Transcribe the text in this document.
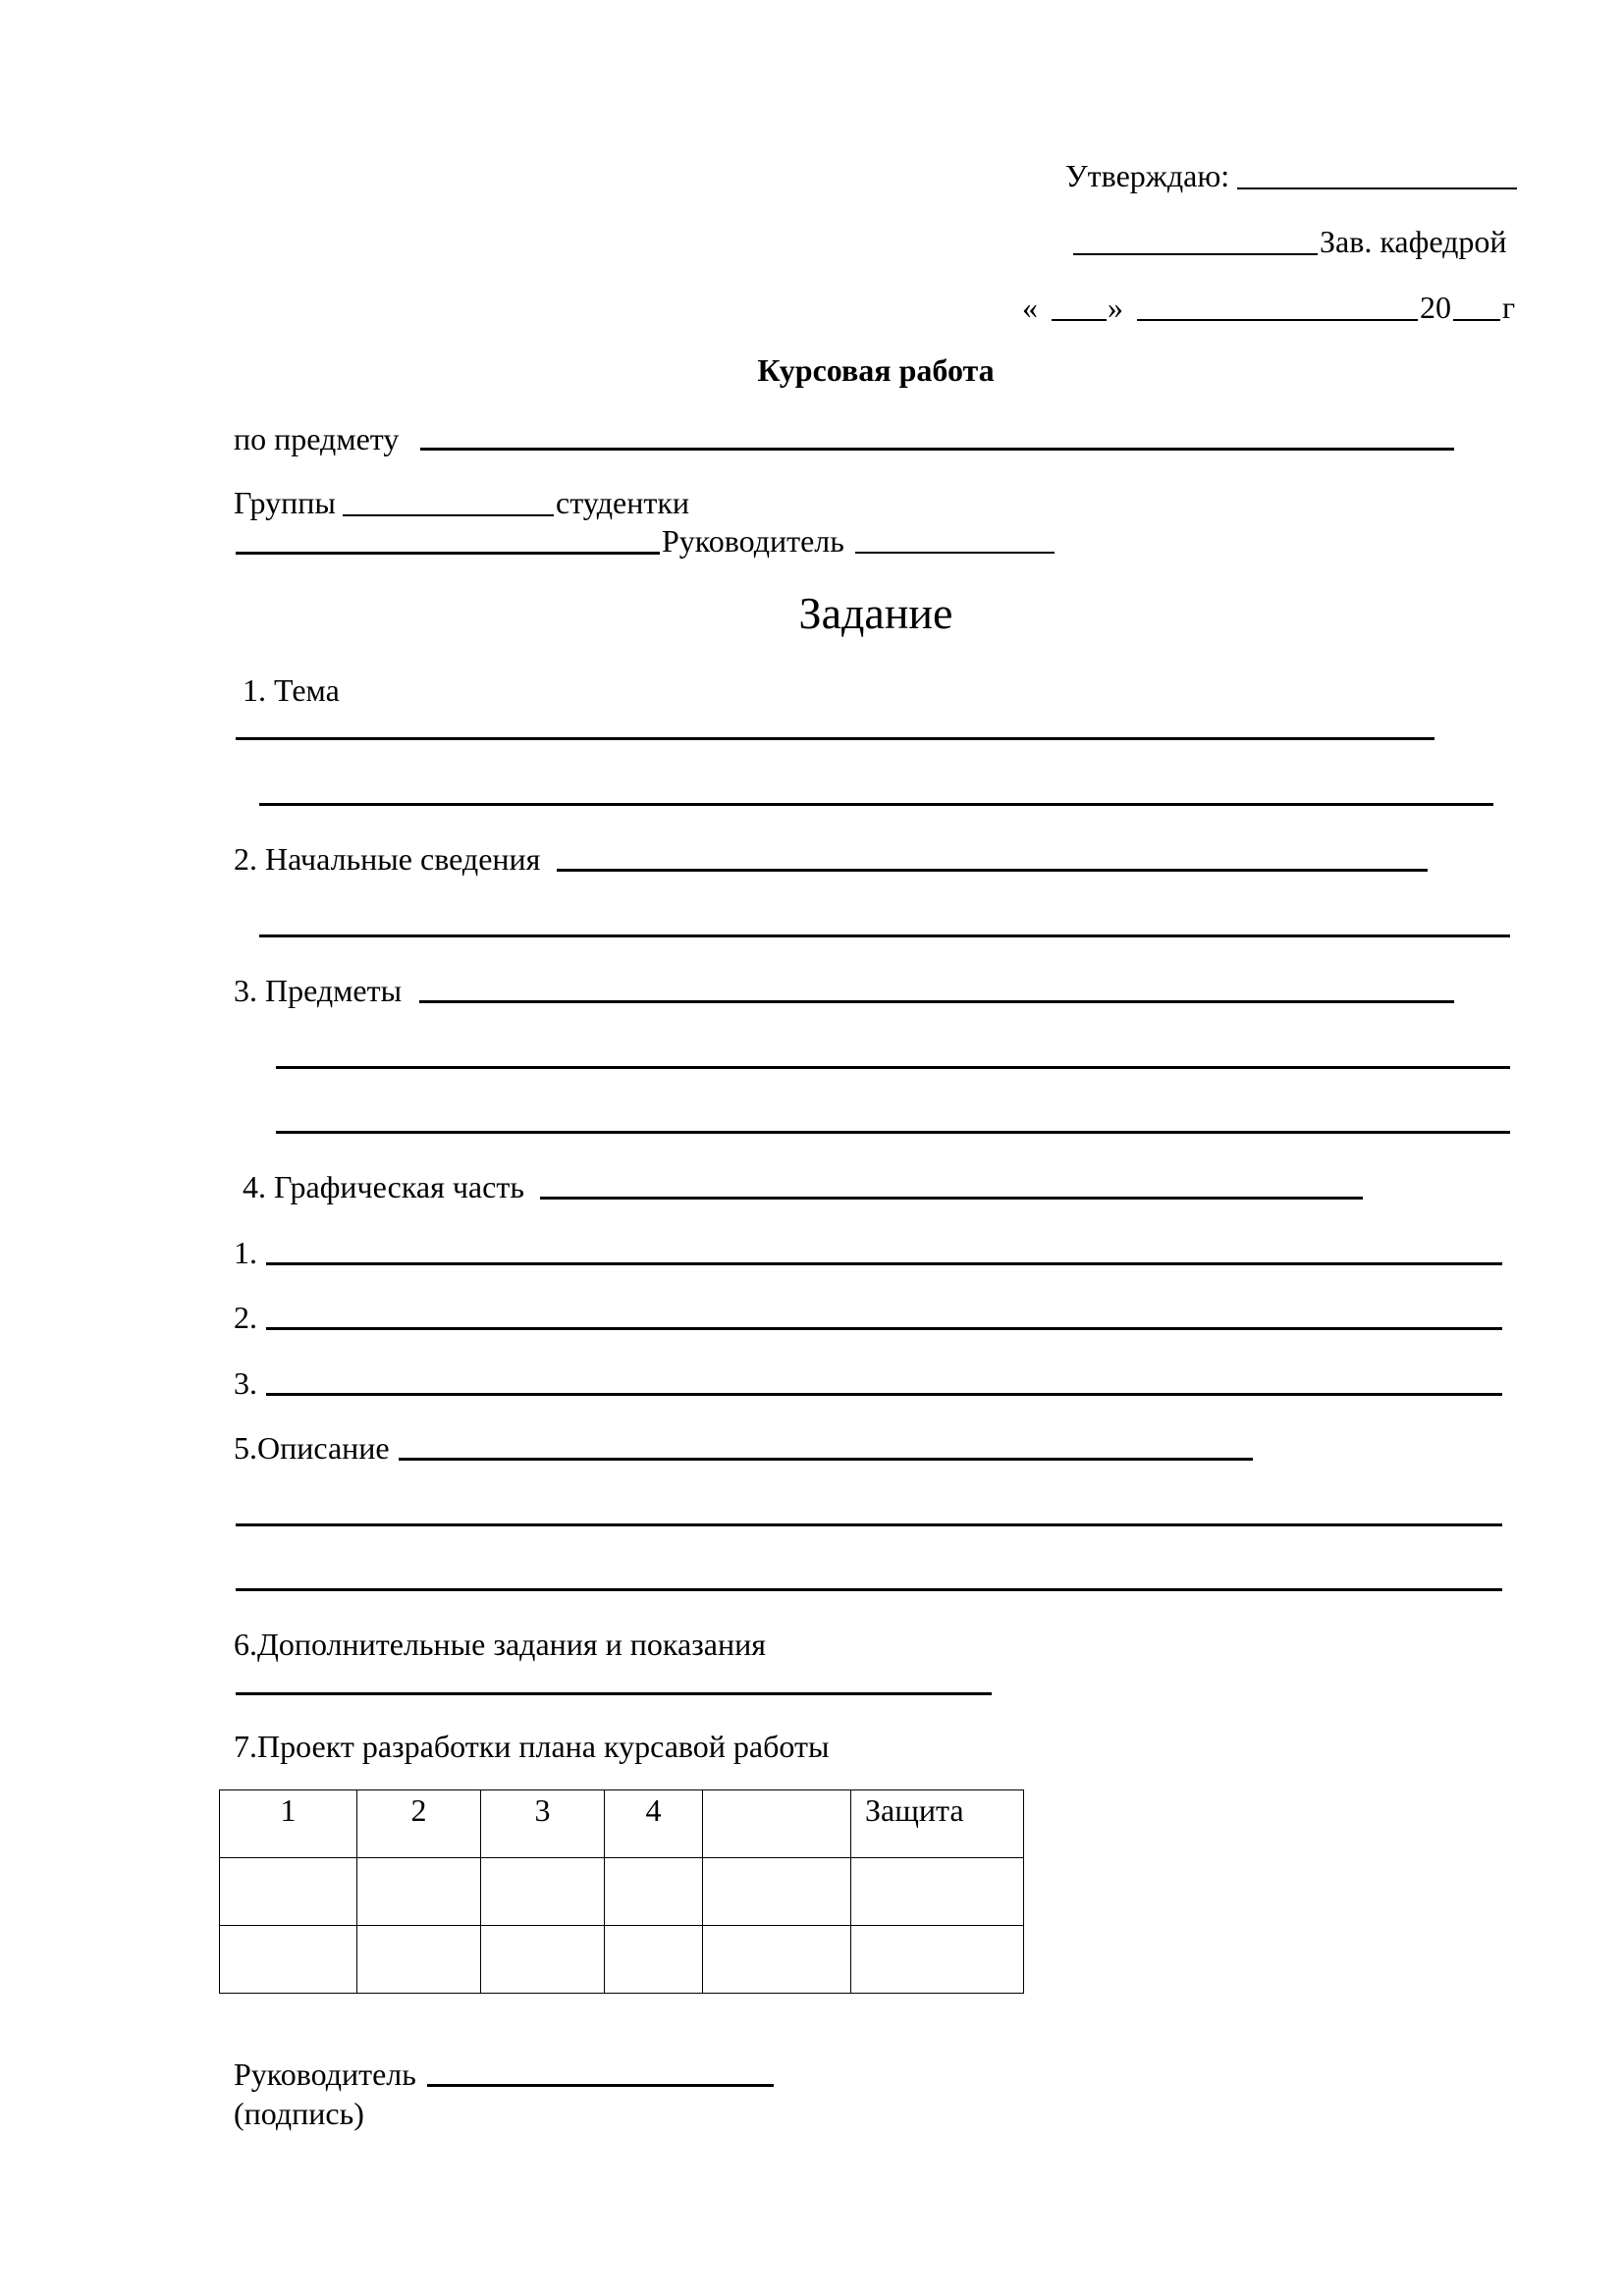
Утверждаю:
Зав. кафедрой
« »	20 г
Курсовая работа
по предмету
Группы	студентки
Руководитель
Задание
1. Тема
2. Начальные сведения
3. Предметы
4. Графическая часть
1.
2.
3.
5.Описание
6.Дополнительные задания и показания
7.Проект разработки плана курсавой работы
1	2	3	4		Защита

Руководитель
(подпись)
